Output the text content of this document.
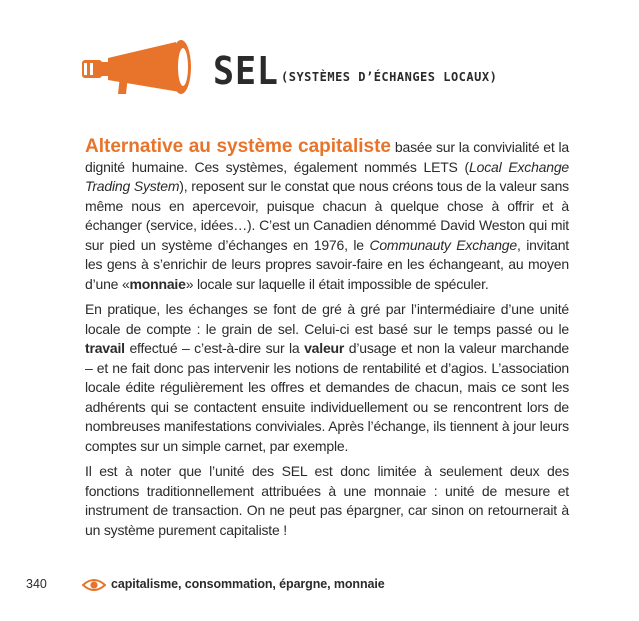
SEL (SYSTÈMES D’ÉCHANGES LOCAUX)

Alternative au système capitaliste basée sur la convivialité et la dignité humaine. Ces systèmes, également nommés LETS (Local Exchange Trading System), reposent sur le constat que nous créons tous de la valeur sans même nous en apercevoir, puisque chacun à quelque chose à offrir et à échanger (service, idées…). C’est un Canadien dénommé David Weston qui mit sur pied un système d’échanges en 1976, le Communauty Exchange, invitant les gens à s’enrichir de leurs propres savoir-faire en les échangeant, au moyen d’une «monnaie» locale sur laquelle il était impossible de spéculer.

En pratique, les échanges se font de gré à gré par l’intermédiaire d’une unité locale de compte : le grain de sel. Celui-ci est basé sur le temps passé ou le travail effectué – c’est-à-dire sur la valeur d’usage et non la valeur marchande – et ne fait donc pas intervenir les notions de rentabilité et d’agios. L’association locale édite régulièrement les offres et demandes de chacun, mais ce sont les adhérents qui se contactent ensuite individuellement ou se rencontrent lors de nombreuses manifestations conviviales. Après l’échange, ils tiennent à jour leurs comptes sur un simple carnet, par exemple.

Il est à noter que l’unité des SEL est donc limitée à seulement deux des fonctions traditionnellement attribuées à une monnaie : unité de mesure et instrument de transaction. On ne peut pas épargner, car sinon on retournerait à un système purement capitaliste !

340	capitalisme, consommation, épargne, monnaie
